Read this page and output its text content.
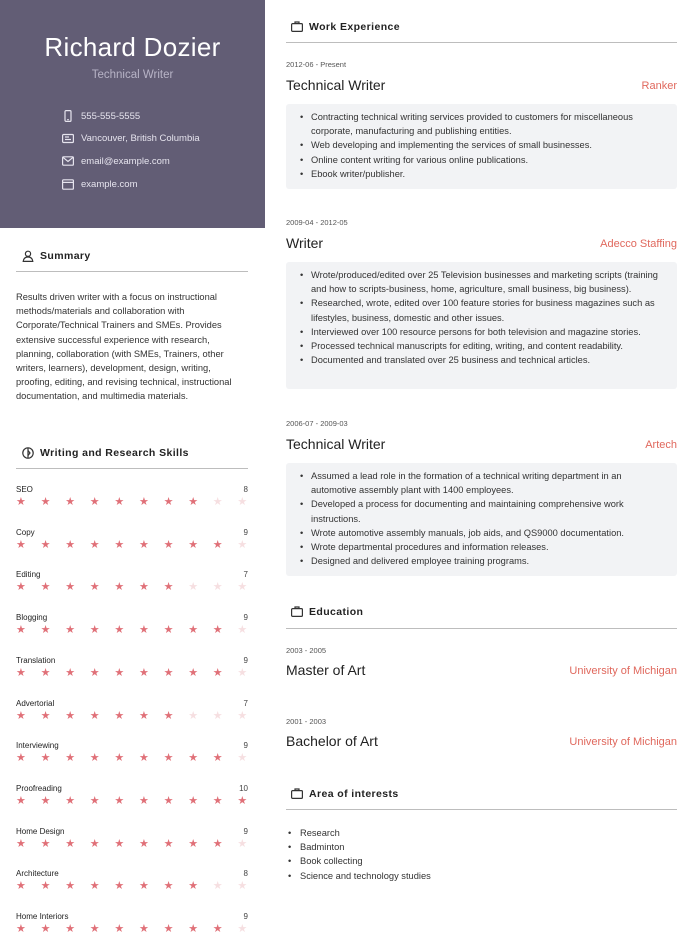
Richard Dozier
Technical Writer
555-555-5555
Vancouver, British Columbia
email@example.com
example.com
Summary
Results driven writer with a focus on instructional methods/materials and collaboration with Corporate/Technical Trainers and SMEs. Provides extensive successful experience with research, planning, collaboration (with SMEs, Trainers, other writers, learners), development, design, writing, proofing, editing, and revising technical, instructional documentation, and multimedia materials.
Writing and Research Skills
SEO	8
★ ★ ★ ★ ★ ★ ★ ★ ★ ★
Copy	9
★ ★ ★ ★ ★ ★ ★ ★ ★ ★
Editing	7
★ ★ ★ ★ ★ ★ ★ ★ ★ ★
Blogging	9
★ ★ ★ ★ ★ ★ ★ ★ ★ ★
Translation	9
★ ★ ★ ★ ★ ★ ★ ★ ★ ★
Advertorial	7
★ ★ ★ ★ ★ ★ ★ ★ ★ ★
Interviewing	9
★ ★ ★ ★ ★ ★ ★ ★ ★ ★
Proofreading	10
★ ★ ★ ★ ★ ★ ★ ★ ★ ★
Home Design	9
★ ★ ★ ★ ★ ★ ★ ★ ★ ★
Architecture	8
★ ★ ★ ★ ★ ★ ★ ★ ★ ★
Home Interiors	9
★ ★ ★ ★ ★ ★ ★ ★ ★ ★
Work Experience
2012-06 - Present
Technical Writer	Ranker
• Contracting technical writing services provided to customers for miscellaneous corporate, manufacturing and publishing entities.
• Web developing and implementing the services of small businesses.
• Online content writing for various online publications.
• Ebook writer/publisher.
2009-04 - 2012-05
Writer	Adecco Staffing
• Wrote/produced/edited over 25 Television businesses and marketing scripts (training and how to scripts-business, home, agriculture, small business, big business).
• Researched, wrote, edited over 100 feature stories for business magazines such as lifestyles, business, domestic and other issues.
• Interviewed over 100 resource persons for both television and magazine stories.
• Processed technical manuscripts for editing, writing, and content readability.
• Documented and translated over 25 business and technical articles.
2006-07 - 2009-03
Technical Writer	Artech
• Assumed a lead role in the formation of a technical writing department in an automotive assembly plant with 1400 employees.
• Developed a process for documenting and maintaining comprehensive work instructions.
• Wrote automotive assembly manuals, job aids, and QS9000 documentation.
• Wrote departmental procedures and information releases.
• Designed and delivered employee training programs.
Education
2003 - 2005
Master of Art	University of Michigan
2001 - 2003
Bachelor of Art	University of Michigan
Area of interests
• Research
• Badminton
• Book collecting
• Science and technology studies
